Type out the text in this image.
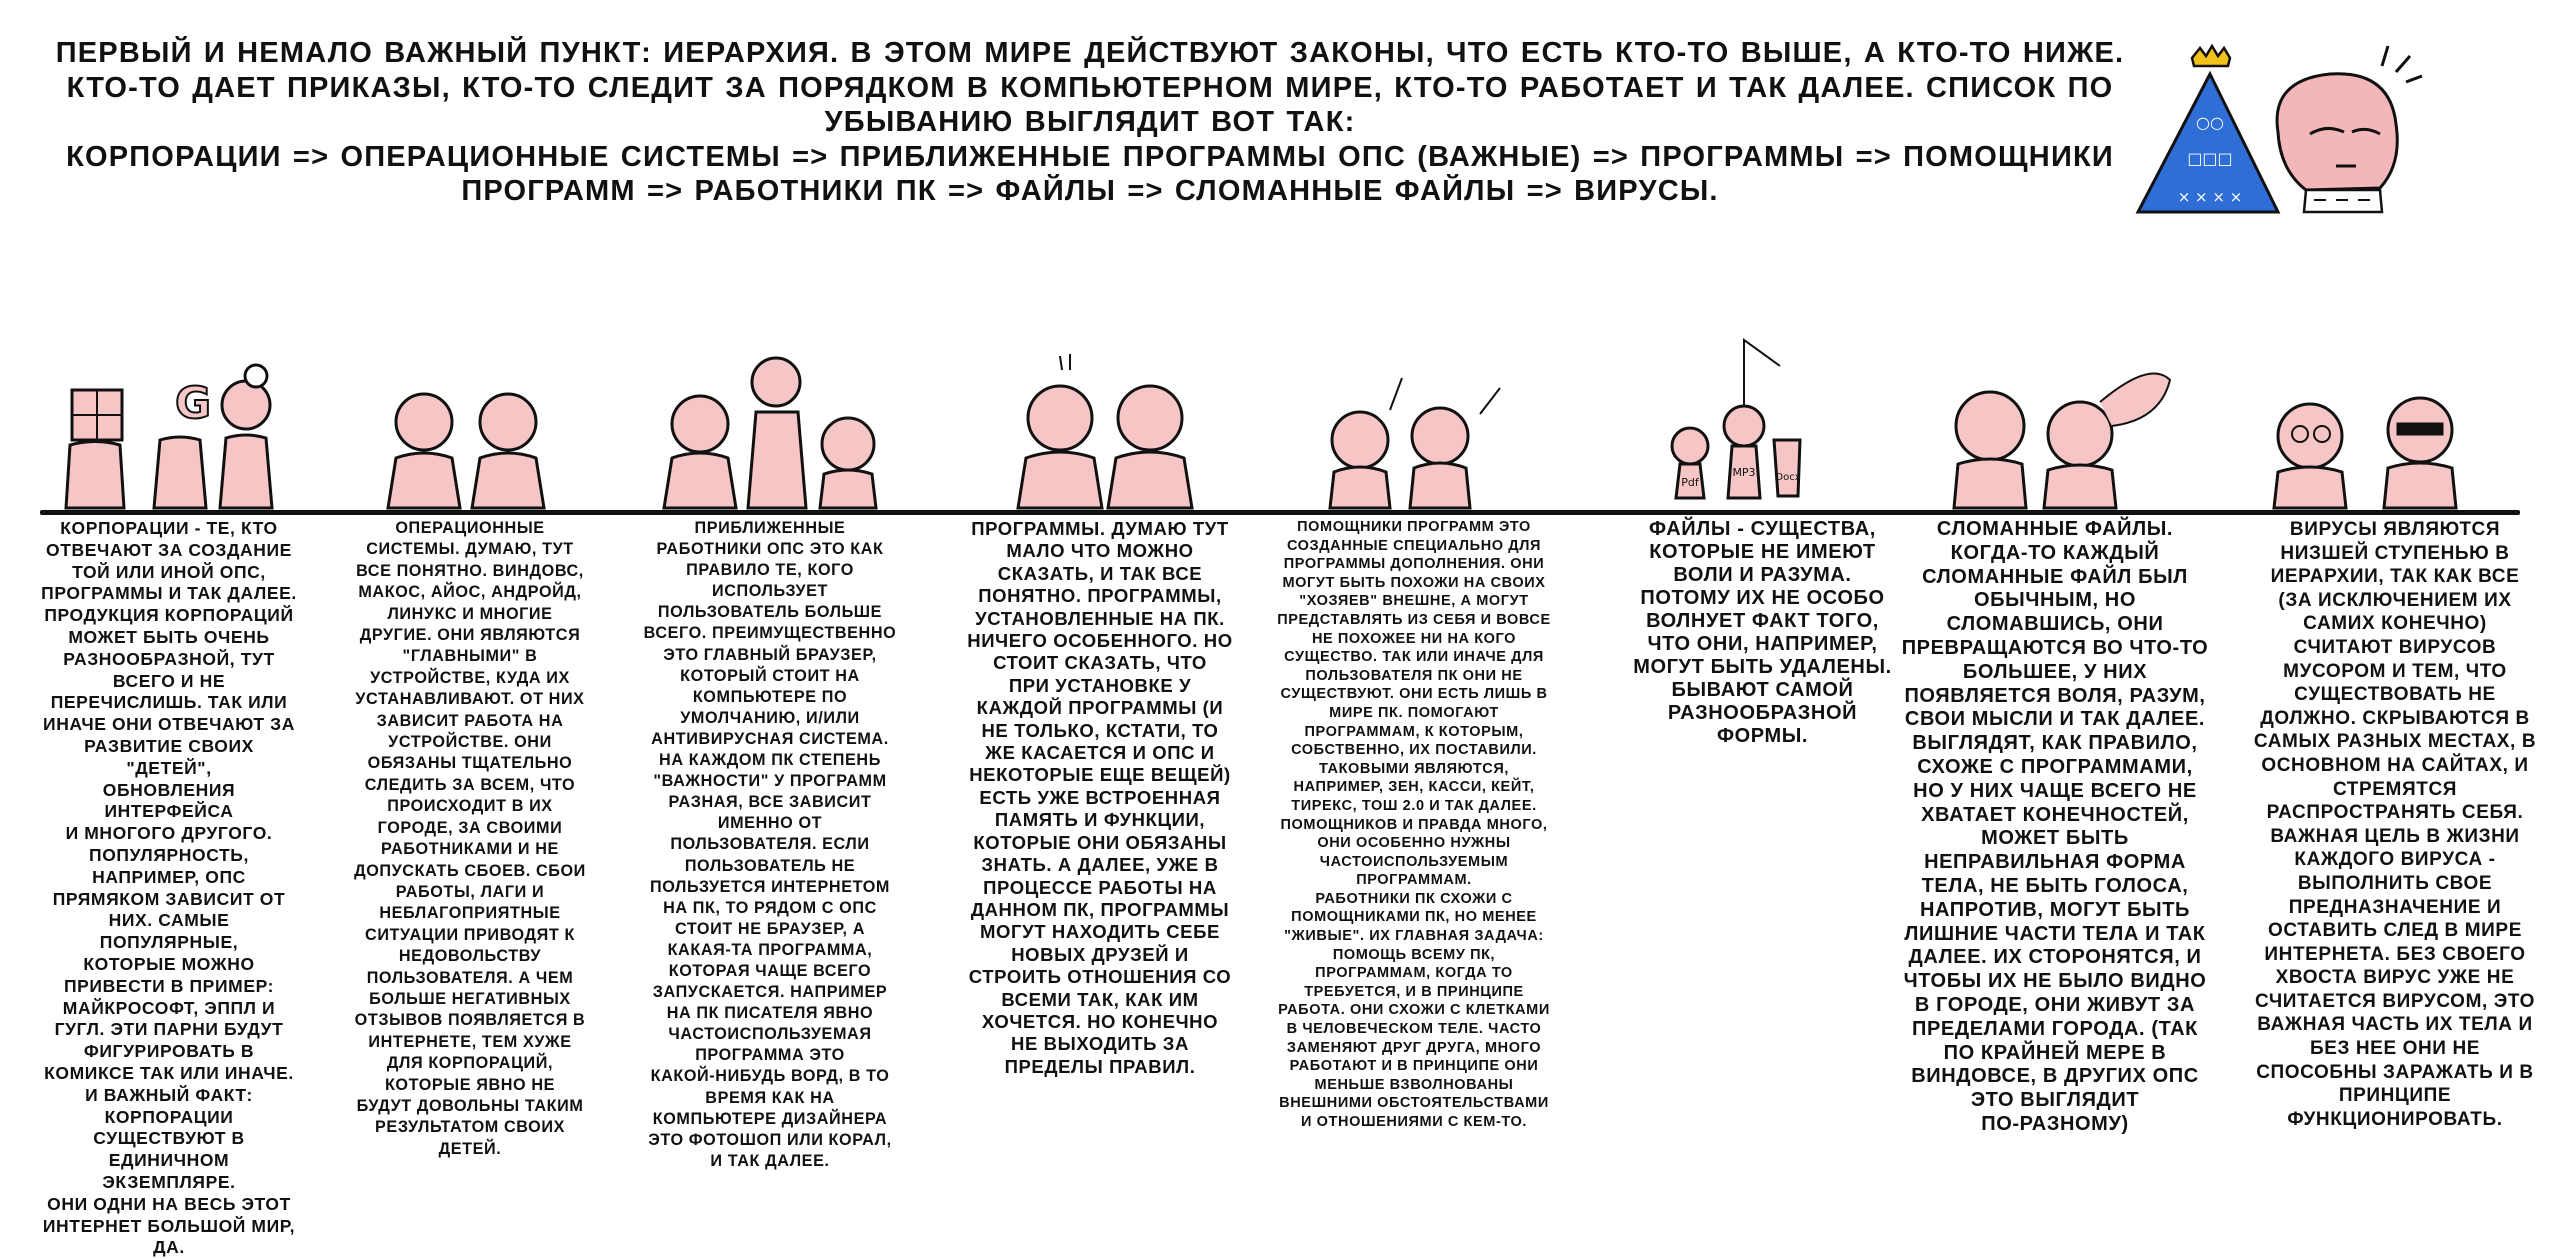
ПЕРВЫЙ И НЕМАЛО ВАЖНЫЙ ПУНКТ: ИЕРАРХИЯ. В ЭТОМ МИРЕ ДЕЙСТВУЮТ ЗАКОНЫ, ЧТО ЕСТЬ КТО-ТО ВЫШЕ, А КТО-ТО НИЖЕ. КТО-ТО ДАЕТ ПРИКАЗЫ, КТО-ТО СЛЕДИТ ЗА ПОРЯДКОМ В КОМПЬЮТЕРНОМ МИРЕ, КТО-ТО РАБОТАЕТ И ТАК ДАЛЕЕ. СПИСОК ПО УБЫВАНИЮ ВЫГЛЯДИТ ВОТ ТАК:

КОРПОРАЦИИ => ОПЕРАЦИОННЫЕ СИСТЕМЫ => ПРИБЛИЖЕННЫЕ ПРОГРАММЫ ОПС (ВАЖНЫЕ) => ПРОГРАММЫ => ПОМОЩНИКИ ПРОГРАММ => РАБОТНИКИ ПК => ФАЙЛЫ => СЛОМАННЫЕ ФАЙЛЫ => ВИРУСЫ.

○○
□□□
× × × ×
G
Pdf
MP3 Docx
КОРПОРАЦИИ - ТЕ, КТО
ОТВЕЧАЮТ ЗА СОЗДАНИЕ
ТОЙ ИЛИ ИНОЙ ОПС,
ПРОГРАММЫ И ТАК ДАЛЕЕ.
ПРОДУКЦИЯ КОРПОРАЦИЙ
МОЖЕТ БЫТЬ ОЧЕНЬ
РАЗНООБРАЗНОЙ, ТУТ
ВСЕГО И НЕ
ПЕРЕЧИСЛИШЬ. ТАК ИЛИ
ИНАЧЕ ОНИ ОТВЕЧАЮТ ЗА
РАЗВИТИЕ СВОИХ "ДЕТЕЙ",
ОБНОВЛЕНИЯ ИНТЕРФЕЙСА
И МНОГОГО ДРУГОГО.
ПОПУЛЯРНОСТЬ,
НАПРИМЕР, ОПС
ПРЯМЯКОМ ЗАВИСИТ ОТ
НИХ. САМЫЕ ПОПУЛЯРНЫЕ,
КОТОРЫЕ МОЖНО
ПРИВЕСТИ В ПРИМЕР:
МАЙКРОСОФТ, ЭППЛ И
ГУГЛ. ЭТИ ПАРНИ БУДУТ
ФИГУРИРОВАТЬ В
КОМИКСЕ ТАК ИЛИ ИНАЧЕ.
И ВАЖНЫЙ ФАКТ:
КОРПОРАЦИИ
СУЩЕСТВУЮТ В
ЕДИНИЧНОМ ЭКЗЕМПЛЯРЕ.
ОНИ ОДНИ НА ВЕСЬ ЭТОТ
ИНТЕРНЕТ БОЛЬШОЙ МИР,
ДА.
ОПЕРАЦИОННЫЕ
СИСТЕМЫ. ДУМАЮ, ТУТ
ВСЕ ПОНЯТНО. ВИНДОВС,
МАКОС, АЙОС, АНДРОЙД,
ЛИНУКС И МНОГИЕ
ДРУГИЕ. ОНИ ЯВЛЯЮТСЯ
"ГЛАВНЫМИ" В
УСТРОЙСТВЕ, КУДА ИХ
УСТАНАВЛИВАЮТ. ОТ НИХ
ЗАВИСИТ РАБОТА НА
УСТРОЙСТВЕ. ОНИ
ОБЯЗАНЫ ТЩАТЕЛЬНО
СЛЕДИТЬ ЗА ВСЕМ, ЧТО
ПРОИСХОДИТ В ИХ
ГОРОДЕ, ЗА СВОИМИ
РАБОТНИКАМИ И НЕ
ДОПУСКАТЬ СБОЕВ. СБОИ
РАБОТЫ, ЛАГИ И
НЕБЛАГОПРИЯТНЫЕ
СИТУАЦИИ ПРИВОДЯТ К
НЕДОВОЛЬСТВУ
ПОЛЬЗОВАТЕЛЯ. А ЧЕМ
БОЛЬШЕ НЕГАТИВНЫХ
ОТЗЫВОВ ПОЯВЛЯЕТСЯ В
ИНТЕРНЕТЕ, ТЕМ ХУЖЕ
ДЛЯ КОРПОРАЦИЙ,
КОТОРЫЕ ЯВНО НЕ
БУДУТ ДОВОЛЬНЫ ТАКИМ
РЕЗУЛЬТАТОМ СВОИХ
ДЕТЕЙ.
ПРИБЛИЖЕННЫЕ
РАБОТНИКИ ОПС ЭТО КАК
ПРАВИЛО ТЕ, КОГО
ИСПОЛЬЗУЕТ
ПОЛЬЗОВАТЕЛЬ БОЛЬШЕ
ВСЕГО. ПРЕИМУЩЕСТВЕННО
ЭТО ГЛАВНЫЙ БРАУЗЕР,
КОТОРЫЙ СТОИТ НА
КОМПЬЮТЕРЕ ПО
УМОЛЧАНИЮ, И/ИЛИ
АНТИВИРУСНАЯ СИСТЕМА.
НА КАЖДОМ ПК СТЕПЕНЬ
"ВАЖНОСТИ" У ПРОГРАММ
РАЗНАЯ, ВСЕ ЗАВИСИТ
ИМЕННО ОТ
ПОЛЬЗОВАТЕЛЯ. ЕСЛИ
ПОЛЬЗОВАТЕЛЬ НЕ
ПОЛЬЗУЕТСЯ ИНТЕРНЕТОМ
НА ПК, ТО РЯДОМ С ОПС
СТОИТ НЕ БРАУЗЕР, А
КАКАЯ-ТА ПРОГРАММА,
КОТОРАЯ ЧАЩЕ ВСЕГО
ЗАПУСКАЕТСЯ. НАПРИМЕР
НА ПК ПИСАТЕЛЯ ЯВНО
ЧАСТОИСПОЛЬЗУЕМАЯ
ПРОГРАММА ЭТО
КАКОЙ-НИБУДЬ ВОРД, В ТО
ВРЕМЯ КАК НА
КОМПЬЮТЕРЕ ДИЗАЙНЕРА
ЭТО ФОТОШОП ИЛИ КОРАЛ,
И ТАК ДАЛЕЕ.
ПРОГРАММЫ. ДУМАЮ ТУТ
МАЛО ЧТО МОЖНО
СКАЗАТЬ, И ТАК ВСЕ
ПОНЯТНО. ПРОГРАММЫ,
УСТАНОВЛЕННЫЕ НА ПК.
НИЧЕГО ОСОБЕННОГО. НО
СТОИТ СКАЗАТЬ, ЧТО
ПРИ УСТАНОВКЕ У
КАЖДОЙ ПРОГРАММЫ (И
НЕ ТОЛЬКО, КСТАТИ, ТО
ЖЕ КАСАЕТСЯ И ОПС И
НЕКОТОРЫЕ ЕЩЕ ВЕЩЕЙ)
ЕСТЬ УЖЕ ВСТРОЕННАЯ
ПАМЯТЬ И ФУНКЦИИ,
КОТОРЫЕ ОНИ ОБЯЗАНЫ
ЗНАТЬ. А ДАЛЕЕ, УЖЕ В
ПРОЦЕССЕ РАБОТЫ НА
ДАННОМ ПК, ПРОГРАММЫ
МОГУТ НАХОДИТЬ СЕБЕ
НОВЫХ ДРУЗЕЙ И
СТРОИТЬ ОТНОШЕНИЯ СО
ВСЕМИ ТАК, КАК ИМ
ХОЧЕТСЯ. НО КОНЕЧНО
НЕ ВЫХОДИТЬ ЗА
ПРЕДЕЛЫ ПРАВИЛ.
ПОМОЩНИКИ ПРОГРАММ ЭТО
СОЗДАННЫЕ СПЕЦИАЛЬНО ДЛЯ
ПРОГРАММЫ ДОПОЛНЕНИЯ. ОНИ
МОГУТ БЫТЬ ПОХОЖИ НА СВОИХ
"ХОЗЯЕВ" ВНЕШНЕ, А МОГУТ
ПРЕДСТАВЛЯТЬ ИЗ СЕБЯ И ВОВСЕ
НЕ ПОХОЖЕЕ НИ НА КОГО
СУЩЕСТВО. ТАК ИЛИ ИНАЧЕ ДЛЯ
ПОЛЬЗОВАТЕЛЯ ПК ОНИ НЕ
СУЩЕСТВУЮТ. ОНИ ЕСТЬ ЛИШЬ В
МИРЕ ПК. ПОМОГАЮТ
ПРОГРАММАМ, К КОТОРЫМ,
СОБСТВЕННО, ИХ ПОСТАВИЛИ.
ТАКОВЫМИ ЯВЛЯЮТСЯ,
НАПРИМЕР, ЗЕН, КАССИ, КЕЙТ,
ТИРЕКС, ТОШ 2.0 И ТАК ДАЛЕЕ.
ПОМОЩНИКОВ И ПРАВДА МНОГО,
ОНИ ОСОБЕННО НУЖНЫ
ЧАСТОИСПОЛЬЗУЕМЫМ
ПРОГРАММАМ.
РАБОТНИКИ ПК СХОЖИ С
ПОМОЩНИКАМИ ПК, НО МЕНЕЕ
"ЖИВЫЕ". ИХ ГЛАВНАЯ ЗАДАЧА:
ПОМОЩЬ ВСЕМУ ПК,
ПРОГРАММАМ, КОГДА ТО
ТРЕБУЕТСЯ, И В ПРИНЦИПЕ
РАБОТА. ОНИ СХОЖИ С КЛЕТКАМИ
В ЧЕЛОВЕЧЕСКОМ ТЕЛЕ. ЧАСТО
ЗАМЕНЯЮТ ДРУГ ДРУГА, МНОГО
РАБОТАЮТ И В ПРИНЦИПЕ ОНИ
МЕНЬШЕ ВЗВОЛНОВАНЫ
ВНЕШНИМИ ОБСТОЯТЕЛЬСТВАМИ
И ОТНОШЕНИЯМИ С КЕМ-ТО.
ФАЙЛЫ - СУЩЕСТВА,
КОТОРЫЕ НЕ ИМЕЮТ
ВОЛИ И РАЗУМА.
ПОТОМУ ИХ НЕ ОСОБО
ВОЛНУЕТ ФАКТ ТОГО,
ЧТО ОНИ, НАПРИМЕР,
МОГУТ БЫТЬ УДАЛЕНЫ.
БЫВАЮТ САМОЙ
РАЗНООБРАЗНОЙ
ФОРМЫ.
СЛОМАННЫЕ ФАЙЛЫ.
КОГДА-ТО КАЖДЫЙ
СЛОМАННЫЕ ФАЙЛ БЫЛ
ОБЫЧНЫМ, НО
СЛОМАВШИСЬ, ОНИ
ПРЕВРАЩАЮТСЯ ВО ЧТО-ТО
БОЛЬШЕЕ, У НИХ
ПОЯВЛЯЕТСЯ ВОЛЯ, РАЗУМ,
СВОИ МЫСЛИ И ТАК ДАЛЕЕ.
ВЫГЛЯДЯТ, КАК ПРАВИЛО,
СХОЖЕ С ПРОГРАММАМИ,
НО У НИХ ЧАЩЕ ВСЕГО НЕ
ХВАТАЕТ КОНЕЧНОСТЕЙ,
МОЖЕТ БЫТЬ
НЕПРАВИЛЬНАЯ ФОРМА
ТЕЛА, НЕ БЫТЬ ГОЛОСА,
НАПРОТИВ, МОГУТ БЫТЬ
ЛИШНИЕ ЧАСТИ ТЕЛА И ТАК
ДАЛЕЕ. ИХ СТОРОНЯТСЯ, И
ЧТОБЫ ИХ НЕ БЫЛО ВИДНО
В ГОРОДЕ, ОНИ ЖИВУТ ЗА
ПРЕДЕЛАМИ ГОРОДА. (ТАК
ПО КРАЙНЕЙ МЕРЕ В
ВИНДОВСЕ, В ДРУГИХ ОПС
ЭТО ВЫГЛЯДИТ
ПО-РАЗНОМУ)
ВИРУСЫ ЯВЛЯЮТСЯ
НИЗШЕЙ СТУПЕНЬЮ В
ИЕРАРХИИ, ТАК КАК ВСЕ
(ЗА ИСКЛЮЧЕНИЕМ ИХ
САМИХ КОНЕЧНО)
СЧИТАЮТ ВИРУСОВ
МУСОРОМ И ТЕМ, ЧТО
СУЩЕСТВОВАТЬ НЕ
ДОЛЖНО. СКРЫВАЮТСЯ В
САМЫХ РАЗНЫХ МЕСТАХ, В
ОСНОВНОМ НА САЙТАХ, И
СТРЕМЯТСЯ
РАСПРОСТРАНЯТЬ СЕБЯ.
ВАЖНАЯ ЦЕЛЬ В ЖИЗНИ
КАЖДОГО ВИРУСА -
ВЫПОЛНИТЬ СВОЕ
ПРЕДНАЗНАЧЕНИЕ И
ОСТАВИТЬ СЛЕД В МИРЕ
ИНТЕРНЕТА. БЕЗ СВОЕГО
ХВОСТА ВИРУС УЖЕ НЕ
СЧИТАЕТСЯ ВИРУСОМ, ЭТО
ВАЖНАЯ ЧАСТЬ ИХ ТЕЛА И
БЕЗ НЕЕ ОНИ НЕ
СПОСОБНЫ ЗАРАЖАТЬ И В
ПРИНЦИПЕ
ФУНКЦИОНИРОВАТЬ.
